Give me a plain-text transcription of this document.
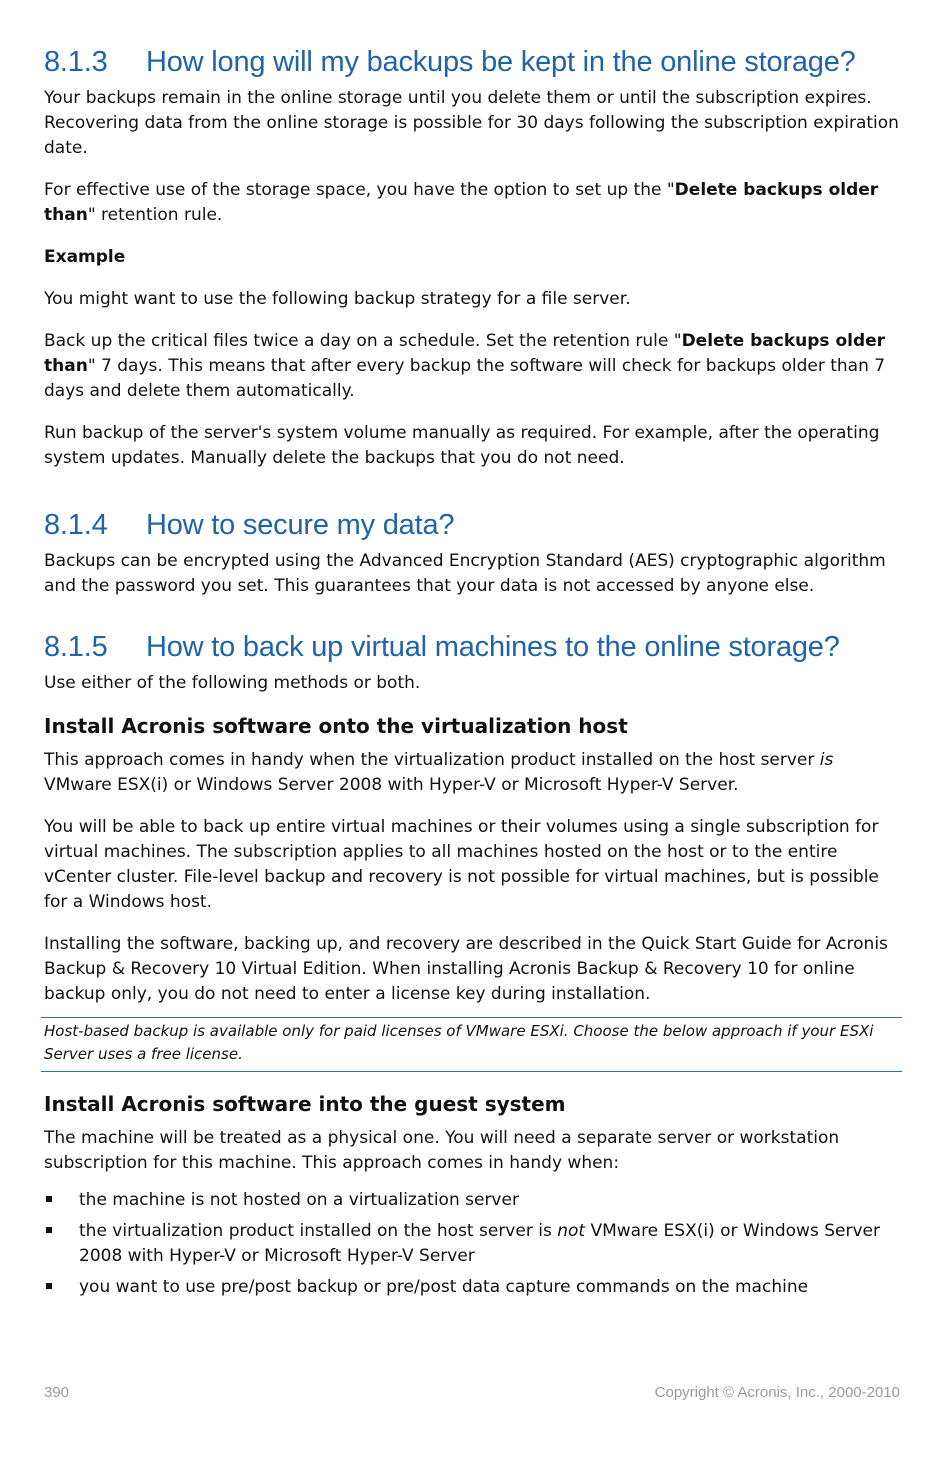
8.1.3	How long will my backups be kept in the online storage?

Your backups remain in the online storage until you delete them or until the subscription expires. Recovering data from the online storage is possible for 30 days following the subscription expiration date.

For effective use of the storage space, you have the option to set up the "Delete backups older than" retention rule.

Example

You might want to use the following backup strategy for a file server.

Back up the critical files twice a day on a schedule. Set the retention rule "Delete backups older than" 7 days. This means that after every backup the software will check for backups older than 7 days and delete them automatically.

Run backup of the server's system volume manually as required. For example, after the operating system updates. Manually delete the backups that you do not need.

8.1.4	How to secure my data?

Backups can be encrypted using the Advanced Encryption Standard (AES) cryptographic algorithm and the password you set. This guarantees that your data is not accessed by anyone else.

8.1.5	How to back up virtual machines to the online storage?

Use either of the following methods or both.

Install Acronis software onto the virtualization host

This approach comes in handy when the virtualization product installed on the host server is VMware ESX(i) or Windows Server 2008 with Hyper-V or Microsoft Hyper-V Server.

You will be able to back up entire virtual machines or their volumes using a single subscription for virtual machines. The subscription applies to all machines hosted on the host or to the entire vCenter cluster. File-level backup and recovery is not possible for virtual machines, but is possible for a Windows host.

Installing the software, backing up, and recovery are described in the Quick Start Guide for Acronis Backup & Recovery 10 Virtual Edition. When installing Acronis Backup & Recovery 10 for online backup only, you do not need to enter a license key during installation.

Host-based backup is available only for paid licenses of VMware ESXi. Choose the below approach if your ESXi Server uses a free license.
Install Acronis software into the guest system

The machine will be treated as a physical one. You will need a separate server or workstation subscription for this machine. This approach comes in handy when:

the machine is not hosted on a virtualization server
the virtualization product installed on the host server is not VMware ESX(i) or Windows Server 2008 with Hyper-V or Microsoft Hyper-V Server
you want to use pre/post backup or pre/post data capture commands on the machine
390	Copyright © Acronis, Inc., 2000-2010
